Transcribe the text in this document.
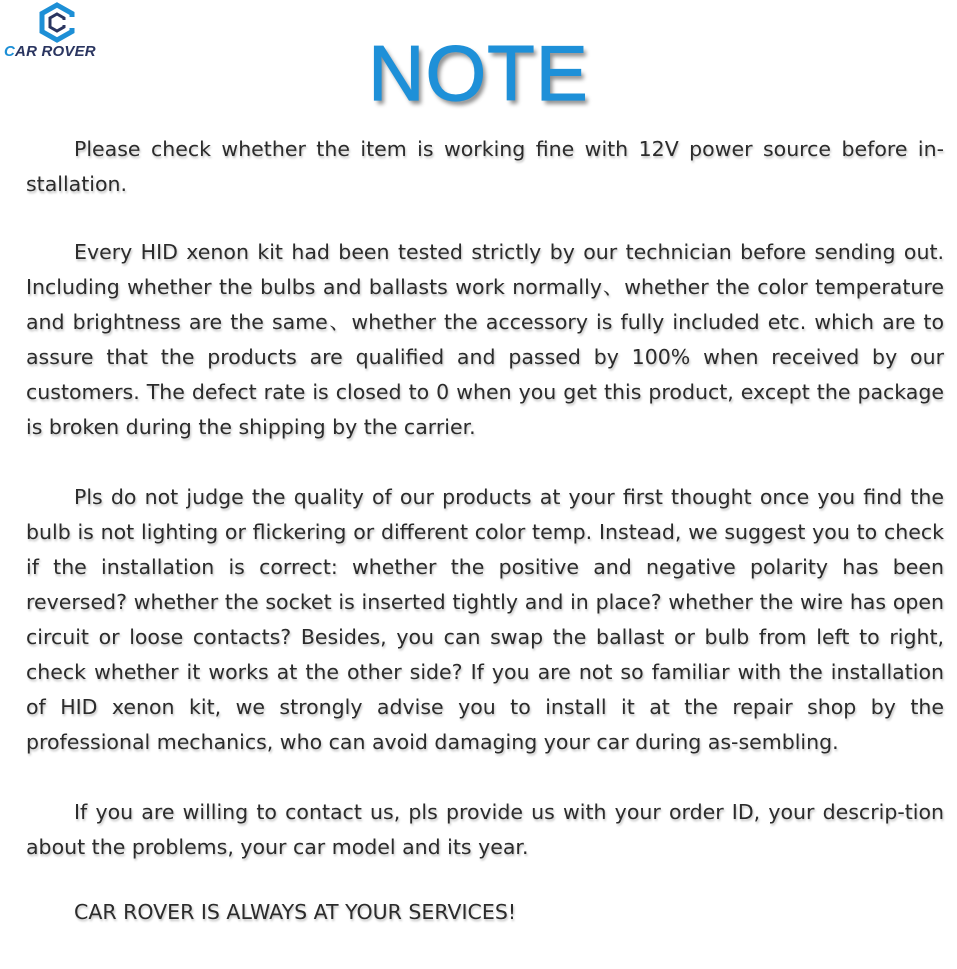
CAR ROVER	NOTE

Please check whether the item is working fine with 12V power source before in-stallation.

Every HID xenon kit had been tested strictly by our technician before sending out. Including whether the bulbs and ballasts work normally、whether the color temperature and brightness are the same、whether the accessory is fully included etc. which are to assure that the products are qualified and passed by 100% when received by our customers. The defect rate is closed to 0 when you get this product, except the package is broken during the shipping by the carrier.

Pls do not judge the quality of our products at your first thought once you find the bulb is not lighting or flickering or different color temp. Instead, we suggest you to check if the installation is correct: whether the positive and negative polarity has been reversed? whether the socket is inserted tightly and in place? whether the wire has open circuit or loose contacts? Besides, you can swap the ballast or bulb from left to right, check whether it works at the other side? If you are not so familiar with the installation of HID xenon kit, we strongly advise you to install it at the repair shop by the professional mechanics, who can avoid damaging your car during as-sembling.

If you are willing to contact us, pls provide us with your order ID, your descrip-tion about the problems, your car model and its year.

CAR ROVER IS ALWAYS AT YOUR SERVICES!
